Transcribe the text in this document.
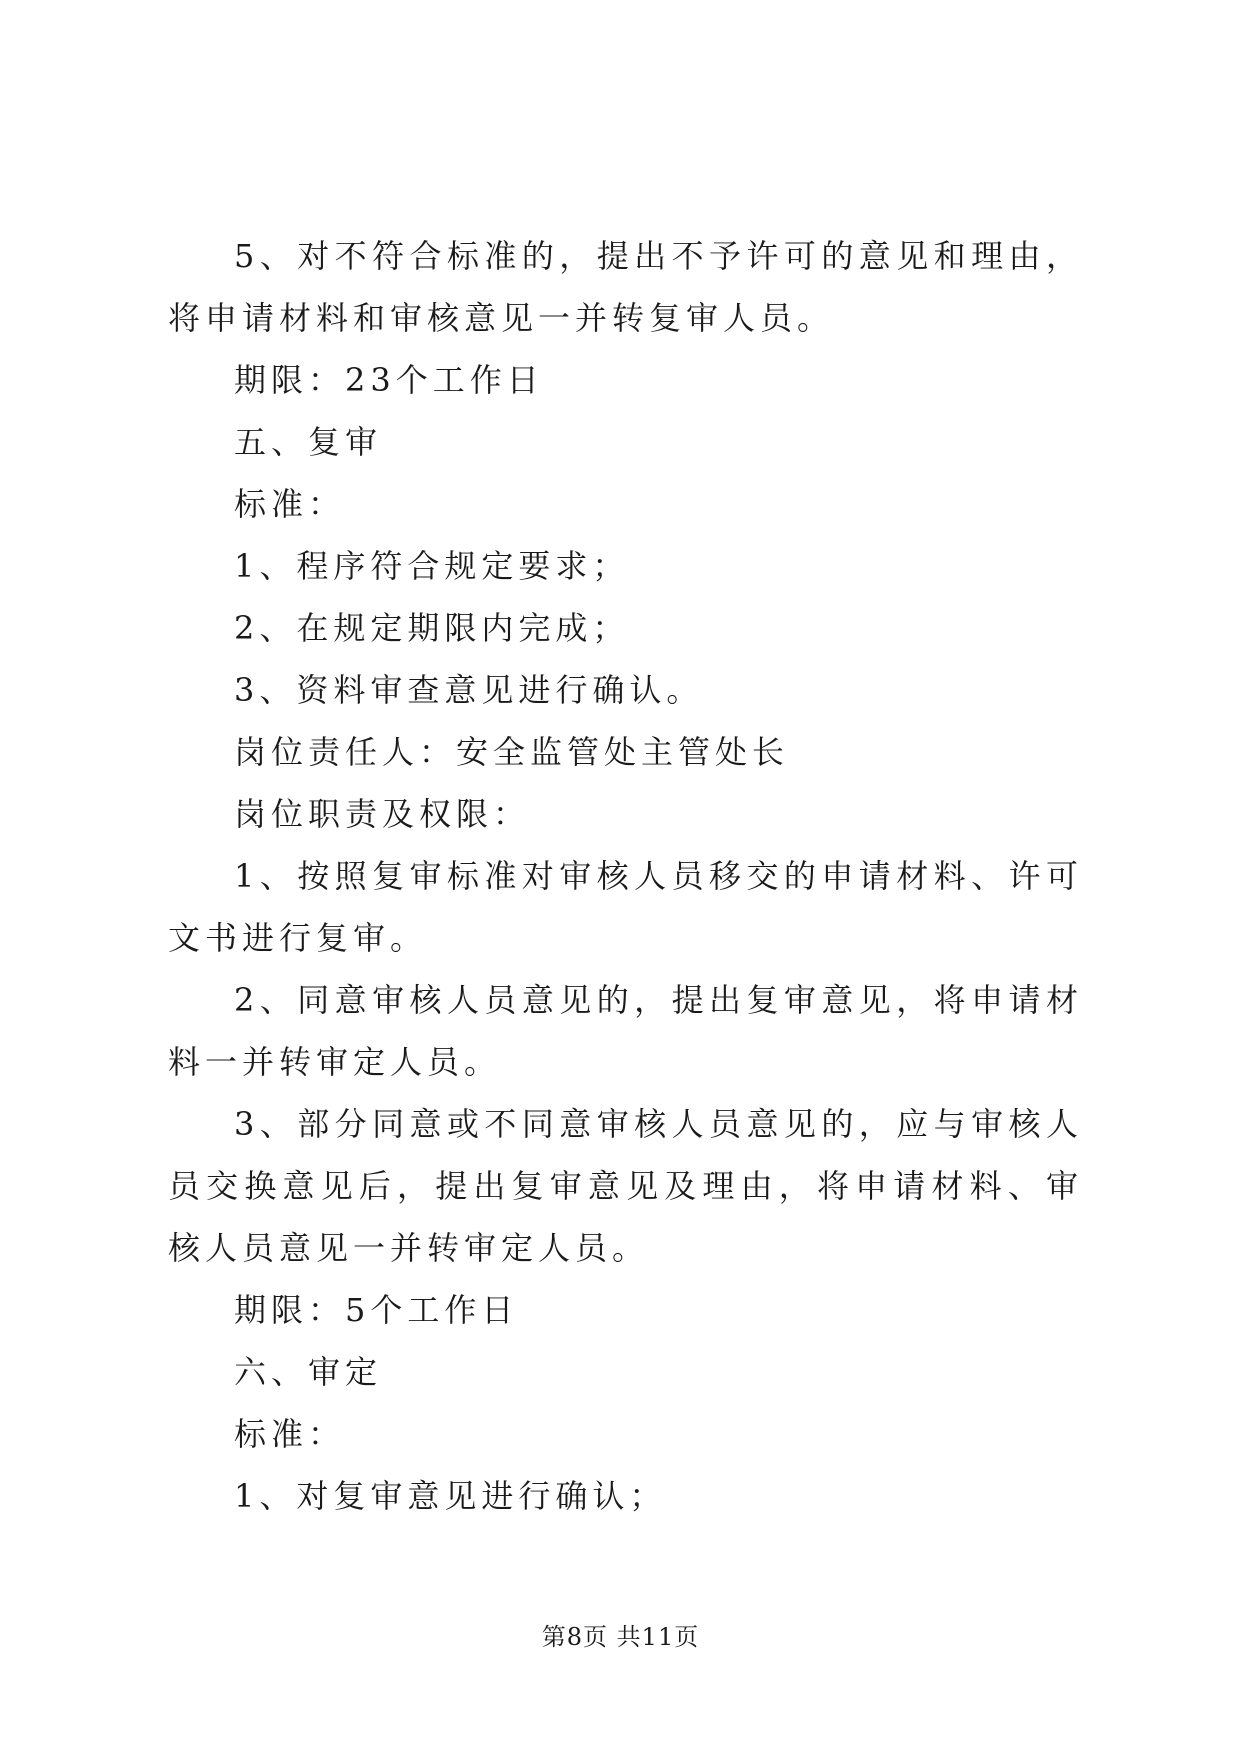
5、对不符合标准的，提出不予许可的意见和理由，将申请材料和审核意见一并转复审人员。

期限：23个工作日

五、复审

标准：

1、程序符合规定要求；

2、在规定期限内完成；

3、资料审查意见进行确认。

岗位责任人：安全监管处主管处长

岗位职责及权限：

1、按照复审标准对审核人员移交的申请材料、许可文书进行复审。

2、同意审核人员意见的，提出复审意见，将申请材料一并转审定人员。

3、部分同意或不同意审核人员意见的，应与审核人员交换意见后，提出复审意见及理由，将申请材料、审核人员意见一并转审定人员。

期限：5个工作日

六、审定

标准：

1、对复审意见进行确认；

第8页 共11页
